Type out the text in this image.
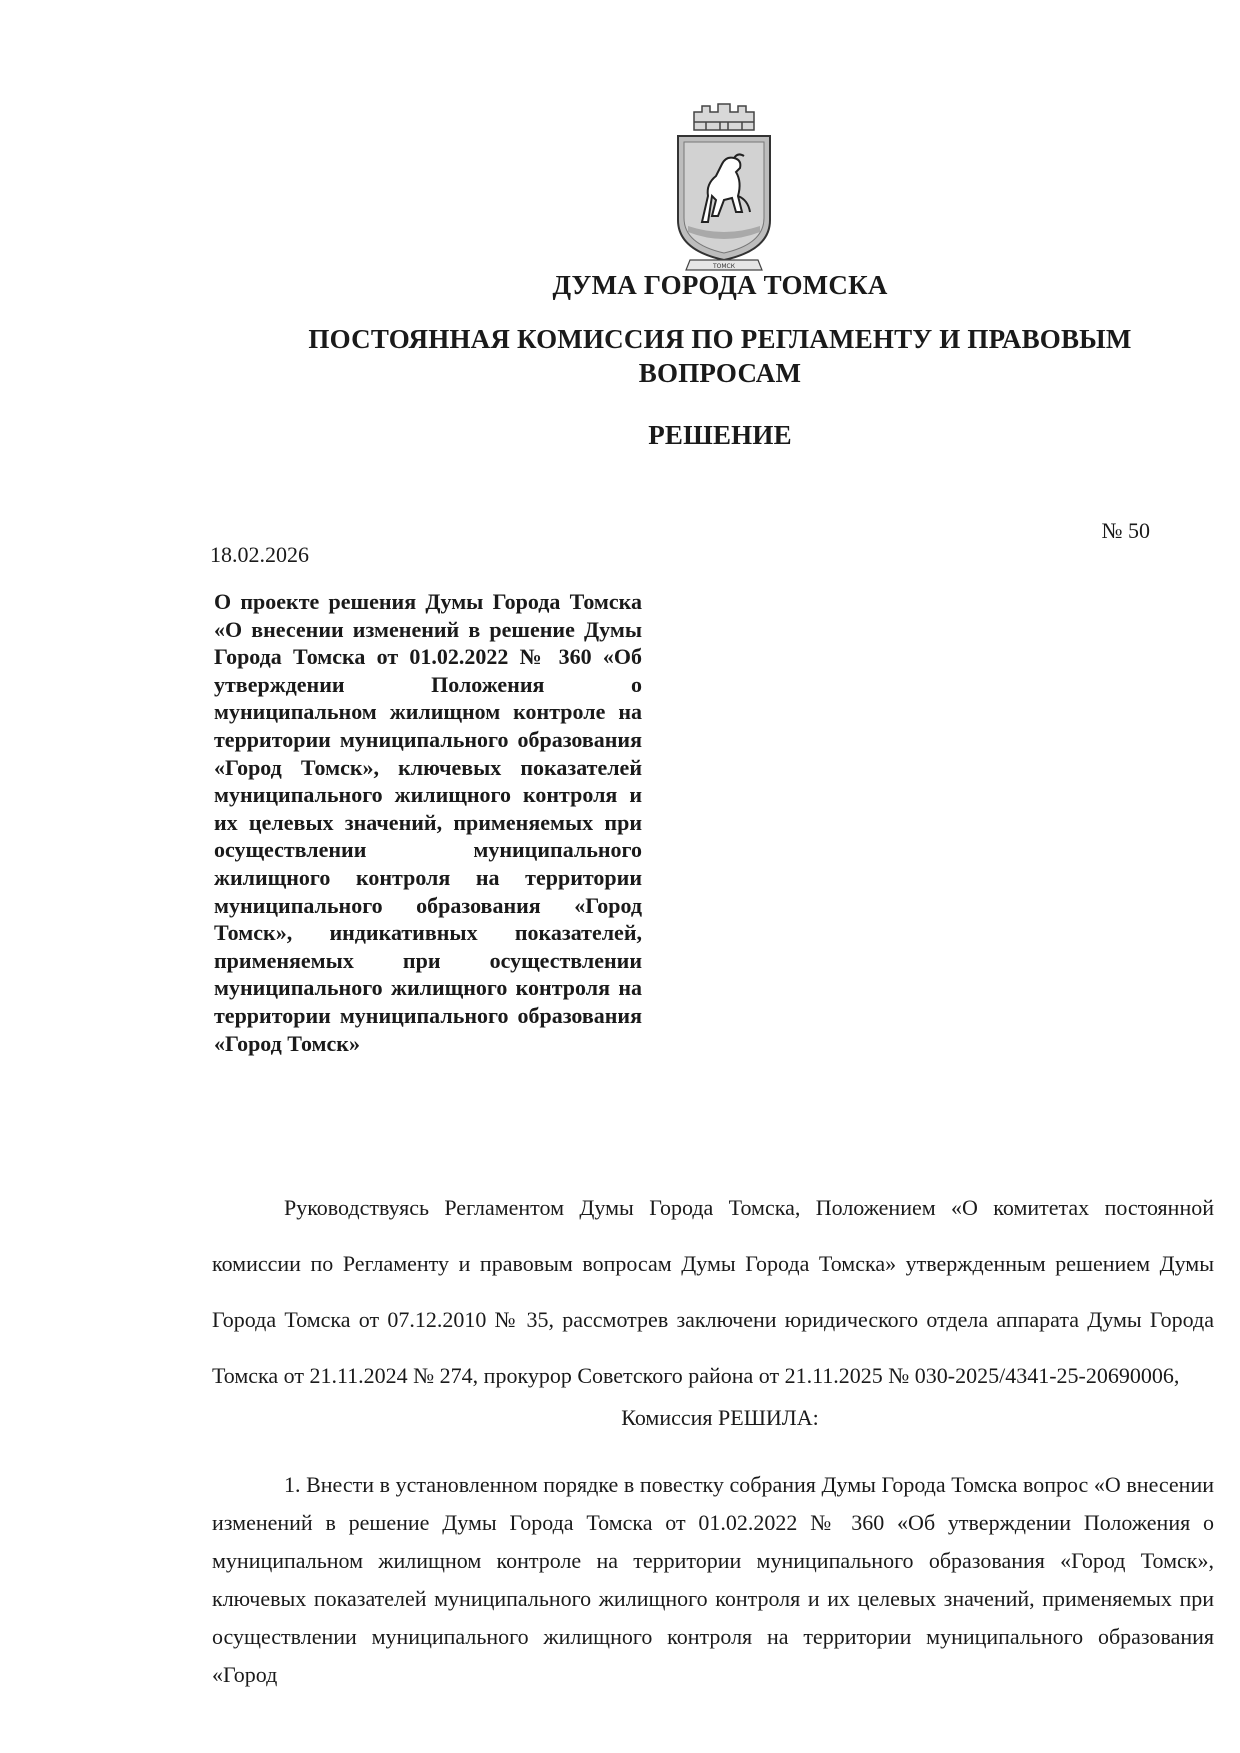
ТОМСК
ДУМА ГОРОДА ТОМСКА
ПОСТОЯННАЯ КОМИССИЯ ПО РЕГЛАМЕНТУ И ПРАВОВЫМ ВОПРОСАМ
РЕШЕНИЕ
№ 50
18.02.2026
О проекте решения Думы Города Томска «О внесении изменений в решение Думы Города Томска от 01.02.2022 № 360 «Об утверждении Положения о муниципальном жилищном контроле на территории муниципального образования «Город Томск», ключевых показателей муниципального жилищного контроля и их целевых значений, применяемых при осуществлении муниципального жилищного контроля на территории муниципального образования «Город Томск», индикативных показателей, применяемых при осуществлении муниципального жилищного контроля на территории муниципального образования «Город Томск»
Руководствуясь Регламентом Думы Города Томска, Положением «О комитетах постоянной комиссии по Регламенту и правовым вопросам Думы Города Томска» утвержденным решением Думы Города Томска от 07.12.2010 № 35, рассмотрев заключени юридического отдела аппарата Думы Города Томска от 21.11.2024 № 274, прокурор Советского района от 21.11.2025 № 030-2025/4341-25-20690006,
Комиссия РЕШИЛА:
1. Внести в установленном порядке в повестку собрания Думы Города Томска вопрос «О внесении изменений в решение Думы Города Томска от 01.02.2022 № 360 «Об утверждении Положения о муниципальном жилищном контроле на территории муниципального образования «Город Томск», ключевых показателей муниципального жилищного контроля и их целевых значений, применяемых при осуществлении муниципального жилищного контроля на территории муниципального образования «Город
